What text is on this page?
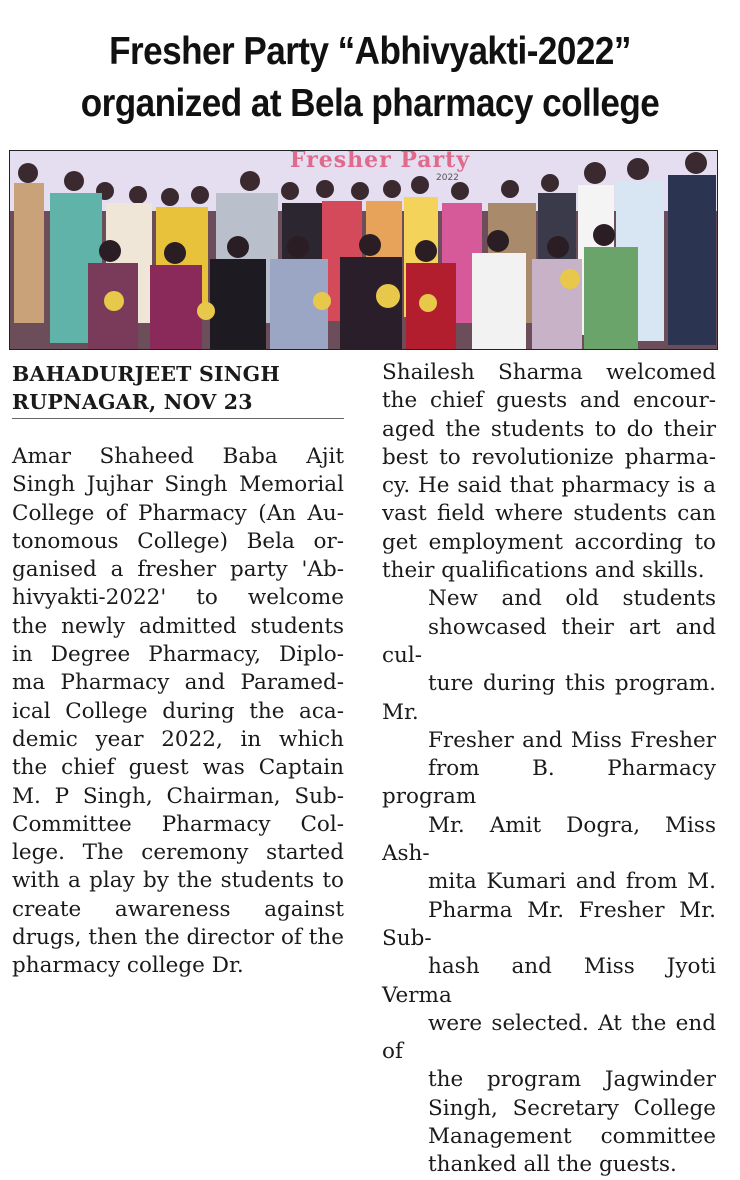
Fresher Party “Abhivyakti-2022”
organized at Bela pharmacy college
Fresher Party
2022
BAHADURJEET SINGH
RUPNAGAR, NOV 23

Amar Shaheed Baba Ajit
Singh Jujhar Singh Memorial
College of Pharmacy (An Au-
tonomous College) Bela or-
ganised a fresher party 'Ab-
hivyakti-2022' to welcome
the newly admitted students
in Degree Pharmacy, Diplo-
ma Pharmacy and Paramed-
ical College during the aca-
demic year 2022, in which
the chief guest was Captain
M. P Singh, Chairman, Sub-
Committee Pharmacy Col-
lege. The ceremony started
with a play by the students to
create awareness against
drugs, then the director of the
pharmacy college Dr.

Shailesh Sharma welcomed
the chief guests and encour-
aged the students to do their
best to revolutionize pharma-
cy. He said that pharmacy is a
vast field where students can
get employment according to
their qualifications and skills.

New and old students
showcased their art and cul-
ture during this program. Mr.
Fresher and Miss Fresher
from B. Pharmacy program
Mr. Amit Dogra, Miss Ash-
mita Kumari and from M.
Pharma Mr. Fresher Mr. Sub-
hash and Miss Jyoti Verma
were selected. At the end of
the program Jagwinder
Singh, Secretary College
Management committee
thanked all the guests.
